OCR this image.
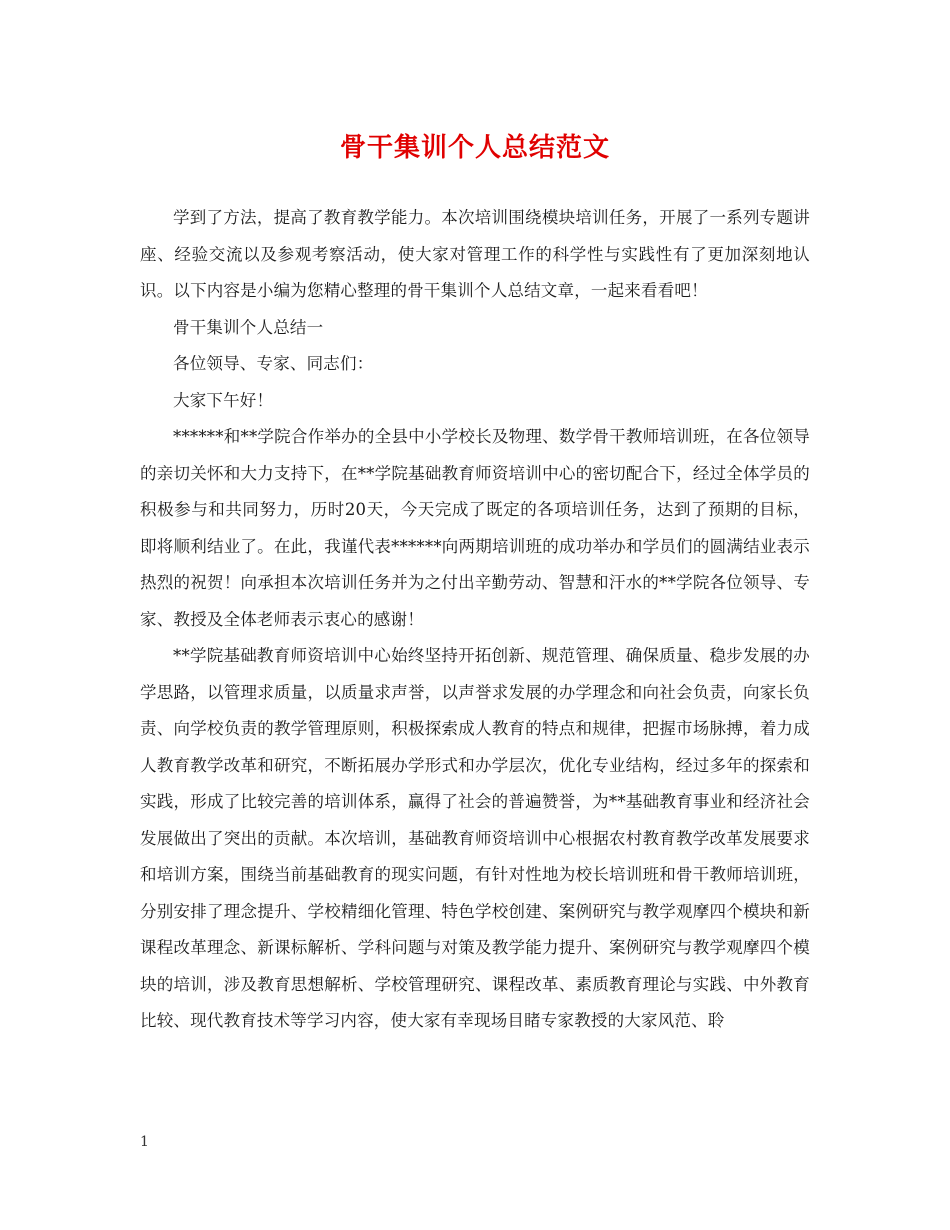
骨干集训个人总结范文

学到了方法，提高了教育教学能力。本次培训围绕模块培训任务，开展了一系列专题讲座、经验交流以及参观考察活动，使大家对管理工作的科学性与实践性有了更加深刻地认识。以下内容是小编为您精心整理的骨干集训个人总结文章，一起来看看吧！

骨干集训个人总结一

各位领导、专家、同志们：

大家下午好！

******和**学院合作举办的全县中小学校长及物理、数学骨干教师培训班，在各位领导的亲切关怀和大力支持下，在**学院基础教育师资培训中心的密切配合下，经过全体学员的积极参与和共同努力，历时20天，今天完成了既定的各项培训任务，达到了预期的目标，即将顺利结业了。在此，我谨代表******向两期培训班的成功举办和学员们的圆满结业表示热烈的祝贺！向承担本次培训任务并为之付出辛勤劳动、智慧和汗水的**学院各位领导、专家、教授及全体老师表示衷心的感谢！

**学院基础教育师资培训中心始终坚持开拓创新、规范管理、确保质量、稳步发展的办学思路，以管理求质量，以质量求声誉，以声誉求发展的办学理念和向社会负责，向家长负责、向学校负责的教学管理原则，积极探索成人教育的特点和规律，把握市场脉搏，着力成人教育教学改革和研究，不断拓展办学形式和办学层次，优化专业结构，经过多年的探索和实践，形成了比较完善的培训体系，赢得了社会的普遍赞誉，为**基础教育事业和经济社会发展做出了突出的贡献。本次培训，基础教育师资培训中心根据农村教育教学改革发展要求和培训方案，围绕当前基础教育的现实问题，有针对性地为校长培训班和骨干教师培训班，分别安排了理念提升、学校精细化管理、特色学校创建、案例研究与教学观摩四个模块和新课程改革理念、新课标解析、学科问题与对策及教学能力提升、案例研究与教学观摩四个模块的培训，涉及教育思想解析、学校管理研究、课程改革、素质教育理论与实践、中外教育比较、现代教育技术等学习内容，使大家有幸现场目睹专家教授的大家风范、聆

1
